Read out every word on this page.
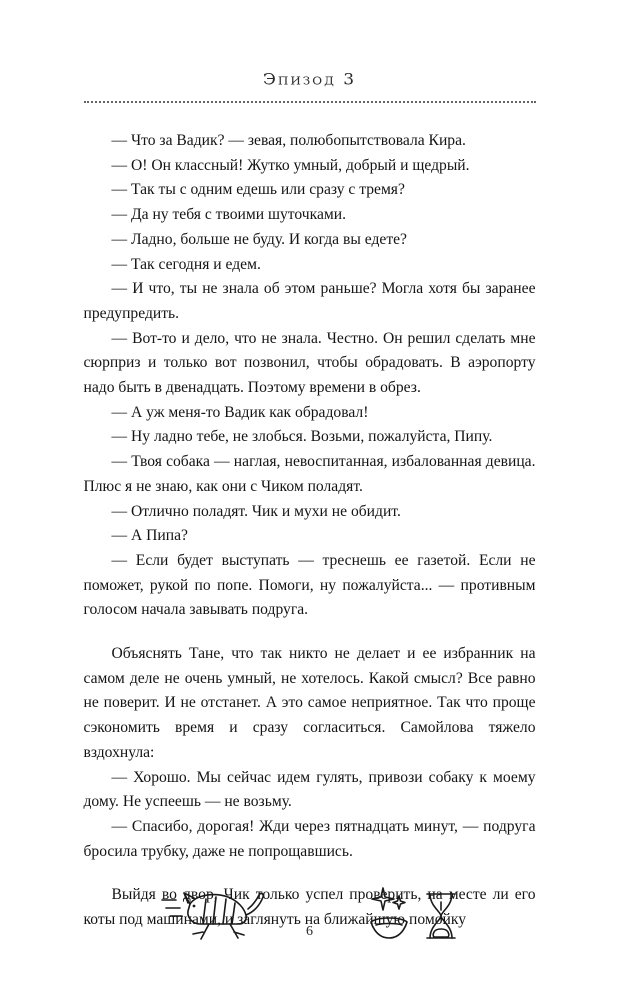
Эпизод 3

— Что за Вадик? — зевая, полюбопытствовала Кира.

— О! Он классный! Жутко умный, добрый и щедрый.

— Так ты с одним едешь или сразу с тремя?

— Да ну тебя с твоими шуточками.

— Ладно, больше не буду. И когда вы едете?

— Так сегодня и едем.

— И что, ты не знала об этом раньше? Могла хотя бы заранее предупредить.

— Вот-то и дело, что не знала. Честно. Он решил сделать мне сюрприз и только вот позвонил, чтобы обрадовать. В аэропорту надо быть в двенадцать. Поэтому времени в обрез.

— А уж меня-то Вадик как обрадовал!

— Ну ладно тебе, не злобься. Возьми, пожалуйста, Пипу.

— Твоя собака — наглая, невоспитанная, избалованная девица. Плюс я не знаю, как они с Чиком поладят.

— Отлично поладят. Чик и мухи не обидит.

— А Пипа?

— Если будет выступать — треснешь ее газетой. Если не поможет, рукой по попе. Помоги, ну пожалуйста... — противным голосом начала завывать подруга.

Объяснять Тане, что так никто не делает и ее избранник на самом деле не очень умный, не хотелось. Какой смысл? Все равно не поверит. И не отстанет. А это самое неприятное. Так что проще сэкономить время и сразу согласиться. Самойлова тяжело вздохнула:

— Хорошо. Мы сейчас идем гулять, привози собаку к моему дому. Не успеешь — не возьму.

— Спасибо, дорогая! Жди через пятнадцать минут, — подруга бросила трубку, даже не попрощавшись.

Выйдя во двор, Чик только успел проверить, на месте ли его коты под машинами, и заглянуть на ближайшую помойку

6
